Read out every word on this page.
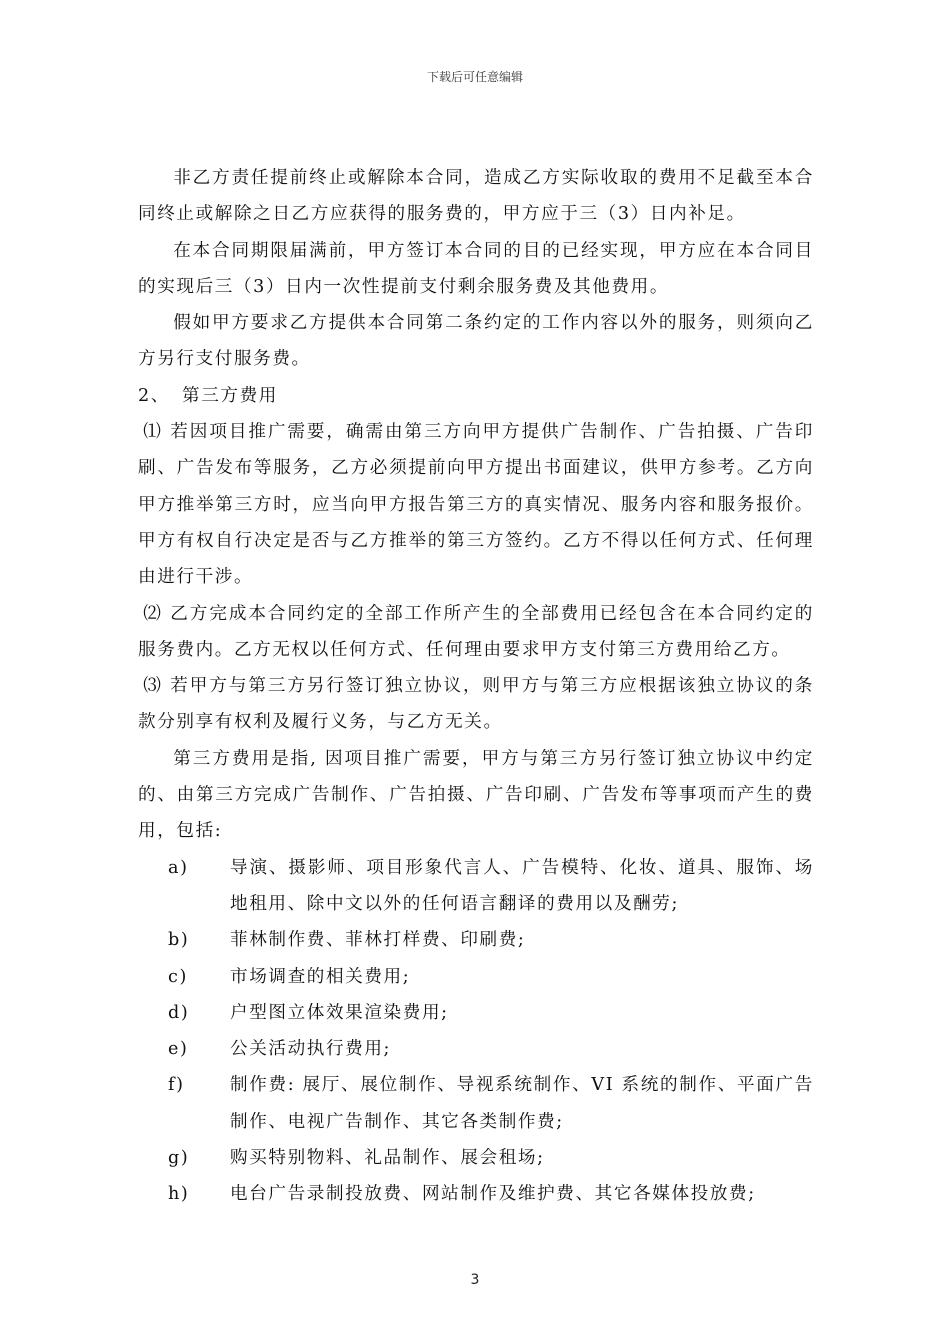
下载后可任意编辑

非乙方责任提前终止或解除本合同，造成乙方实际收取的费用不足截至本合同终止或解除之日乙方应获得的服务费的，甲方应于三（3）日内补足。

在本合同期限届满前，甲方签订本合同的目的已经实现，甲方应在本合同目的实现后三（3）日内一次性提前支付剩余服务费及其他费用。

假如甲方要求乙方提供本合同第二条约定的工作内容以外的服务，则须向乙方另行支付服务费。

2、 第三方费用

⑴ 若因项目推广需要，确需由第三方向甲方提供广告制作、广告拍摄、广告印刷、广告发布等服务，乙方必须提前向甲方提出书面建议，供甲方参考。乙方向甲方推举第三方时，应当向甲方报告第三方的真实情况、服务内容和服务报价。甲方有权自行决定是否与乙方推举的第三方签约。乙方不得以任何方式、任何理由进行干涉。

⑵ 乙方完成本合同约定的全部工作所产生的全部费用已经包含在本合同约定的服务费内。乙方无权以任何方式、任何理由要求甲方支付第三方费用给乙方。

⑶ 若甲方与第三方另行签订独立协议，则甲方与第三方应根据该独立协议的条款分别享有权利及履行义务，与乙方无关。

第三方费用是指, 因项目推广需要，甲方与第三方另行签订独立协议中约定的、由第三方完成广告制作、广告拍摄、广告印刷、广告发布等事项而产生的费用，包括:

a)	导演、摄影师、项目形象代言人、广告模特、化妆、道具、服饰、场地租用、除中文以外的任何语言翻译的费用以及酬劳;
b)	菲林制作费、菲林打样费、印刷费;
c)	市场调查的相关费用;
d)	户型图立体效果渲染费用;
e)	公关活动执行费用;
f)	制作费: 展厅、展位制作、导视系统制作、VI 系统的制作、平面广告制作、电视广告制作、其它各类制作费;
g)	购买特别物料、礼品制作、展会租场;
h)	电台广告录制投放费、网站制作及维护费、其它各媒体投放费;
3
